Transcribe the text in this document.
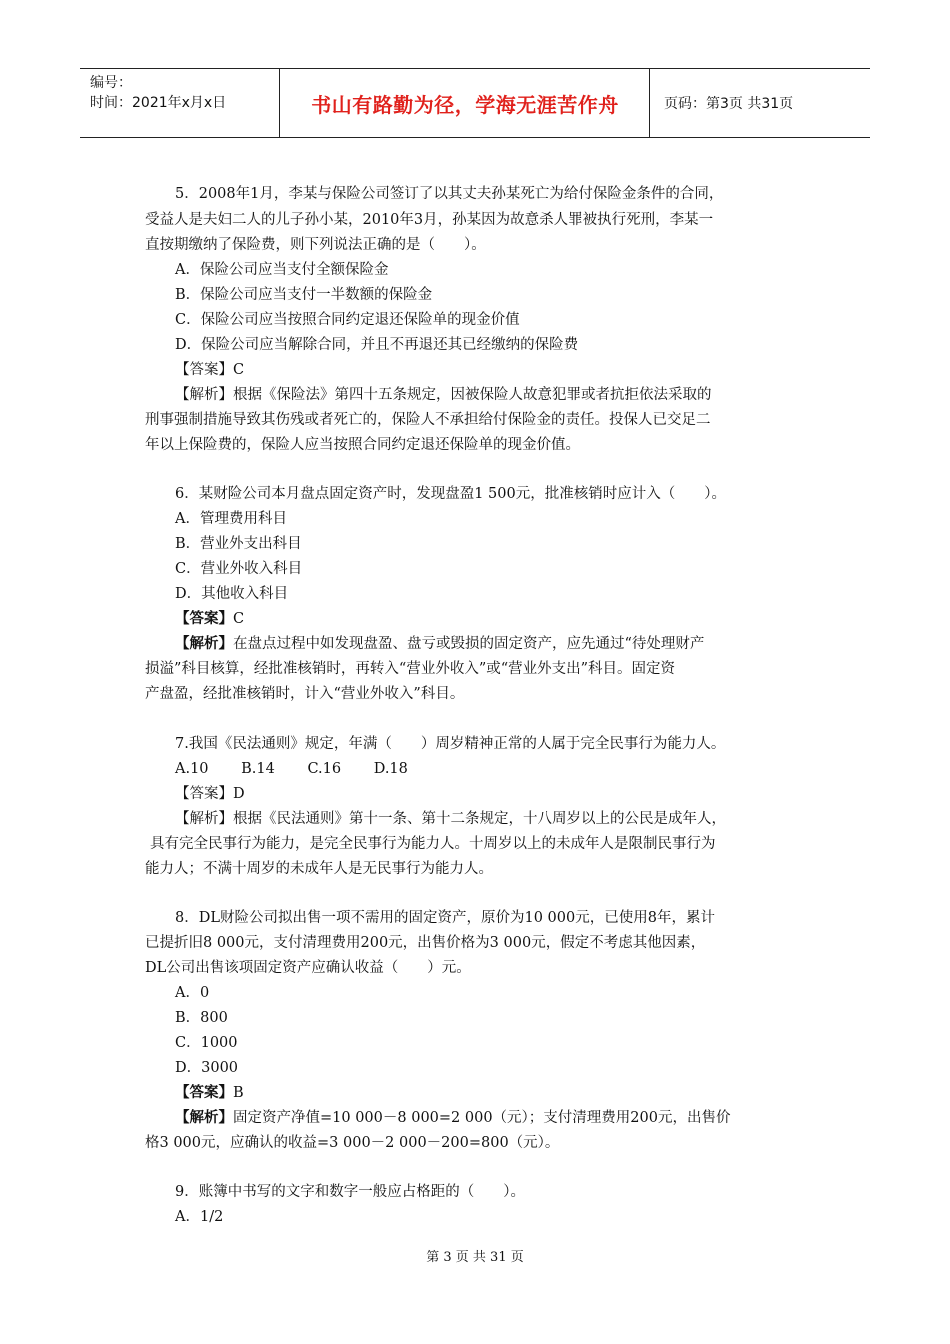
编号：
时间：2021年x月x日	书山有路勤为径，学海无涯苦作舟	页码：第3页 共31页
5．2008年1月，李某与保险公司签订了以其丈夫孙某死亡为给付保险金条件的合同，
受益人是夫妇二人的儿子孙小某，2010年3月，孙某因为故意杀人罪被执行死刑，李某一
直按期缴纳了保险费，则下列说法正确的是（　　）。
A．保险公司应当支付全额保险金
B．保险公司应当支付一半数额的保险金
C．保险公司应当按照合同约定退还保险单的现金价值
D．保险公司应当解除合同，并且不再退还其已经缴纳的保险费
【答案】C
【解析】根据《保险法》第四十五条规定，因被保险人故意犯罪或者抗拒依法采取的
刑事强制措施导致其伤残或者死亡的，保险人不承担给付保险金的责任。投保人已交足二
年以上保险费的，保险人应当按照合同约定退还保险单的现金价值。
6．某财险公司本月盘点固定资产时，发现盘盈1 500元，批准核销时应计入（　　）。
A．管理费用科目
B．营业外支出科目
C．营业外收入科目
D．其他收入科目
【答案】C
【解析】在盘点过程中如发现盘盈、盘亏或毁损的固定资产，应先通过“待处理财产
损溢”科目核算，经批准核销时，再转入“营业外收入”或“营业外支出”科目。固定资
产盘盈，经批准核销时，计入“营业外收入”科目。
7.我国《民法通则》规定，年满（　　）周岁精神正常的人属于完全民事行为能力人。
A.10 B.14 C.16 D.18
【答案】D
【解析】根据《民法通则》第十一条、第十二条规定，十八周岁以上的公民是成年人，
具有完全民事行为能力，是完全民事行为能力人。十周岁以上的未成年人是限制民事行为
能力人；不满十周岁的未成年人是无民事行为能力人。
8．DL财险公司拟出售一项不需用的固定资产，原价为10 000元，已使用8年，累计
已提折旧8 000元，支付清理费用200元，出售价格为3 000元，假定不考虑其他因素，
DL公司出售该项固定资产应确认收益（　　）元。
A．0
B．800
C．1000
D．3000
【答案】B
【解析】固定资产净值=10 000－8 000=2 000（元）；支付清理费用200元，出售价
格3 000元，应确认的收益=3 000－2 000－200=800（元）。
9．账簿中书写的文字和数字一般应占格距的（　　）。
A．1/2
第 3 页 共 31 页
